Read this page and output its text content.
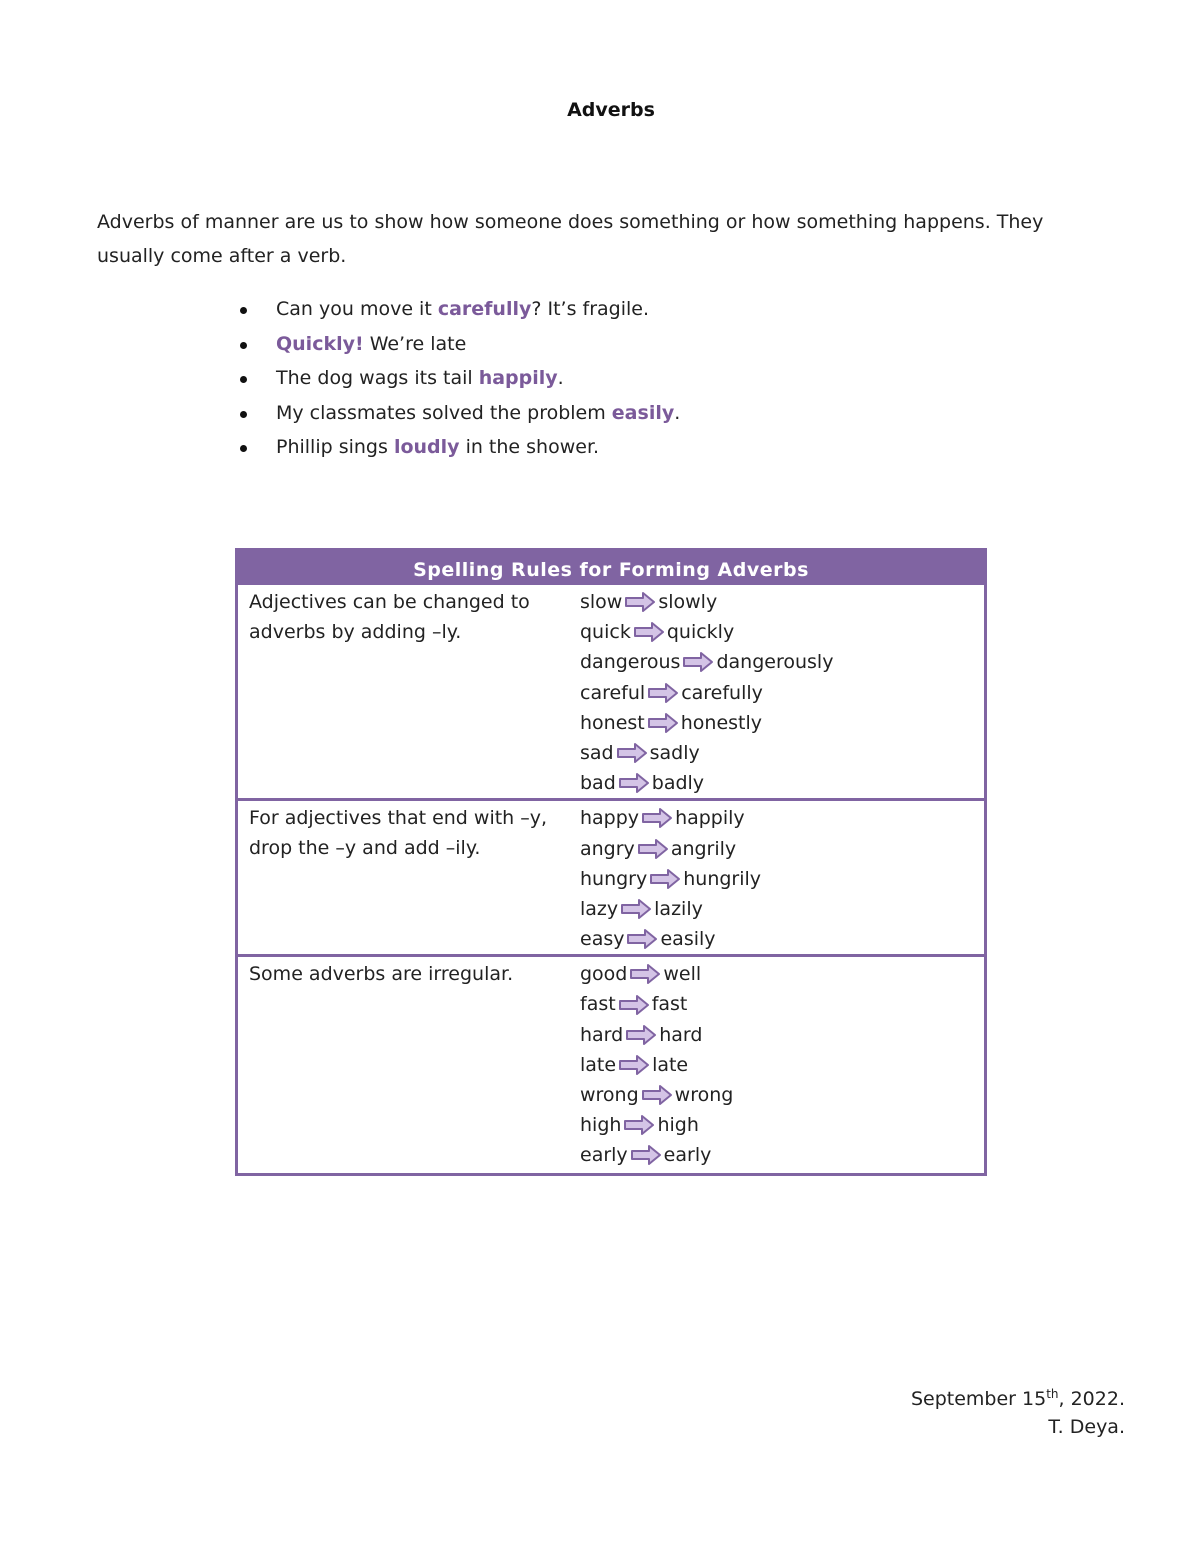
Adverbs
Adverbs of manner are us to show how someone does something or how something happens. They usually come after a verb.
Can you move it carefully? It’s fragile.
Quickly! We’re late
The dog wags its tail happily.
My classmates solved the problem easily.
Phillip sings loudly in the shower.
Spelling Rules for Forming Adverbs
Adjectives can be changed to adverbs by adding –ly.
slow slowly
quick quickly
dangerous dangerously
careful carefully
honest honestly
sad sadly
bad badly
For adjectives that end with –y, drop the –y and add –ily.
happy happily
angry angrily
hungry hungrily
lazy lazily
easy easily
Some adverbs are irregular.	good well
fast fast
hard hard
late late
wrong wrong
high high
early early
September 15th, 2022.
T. Deya.
